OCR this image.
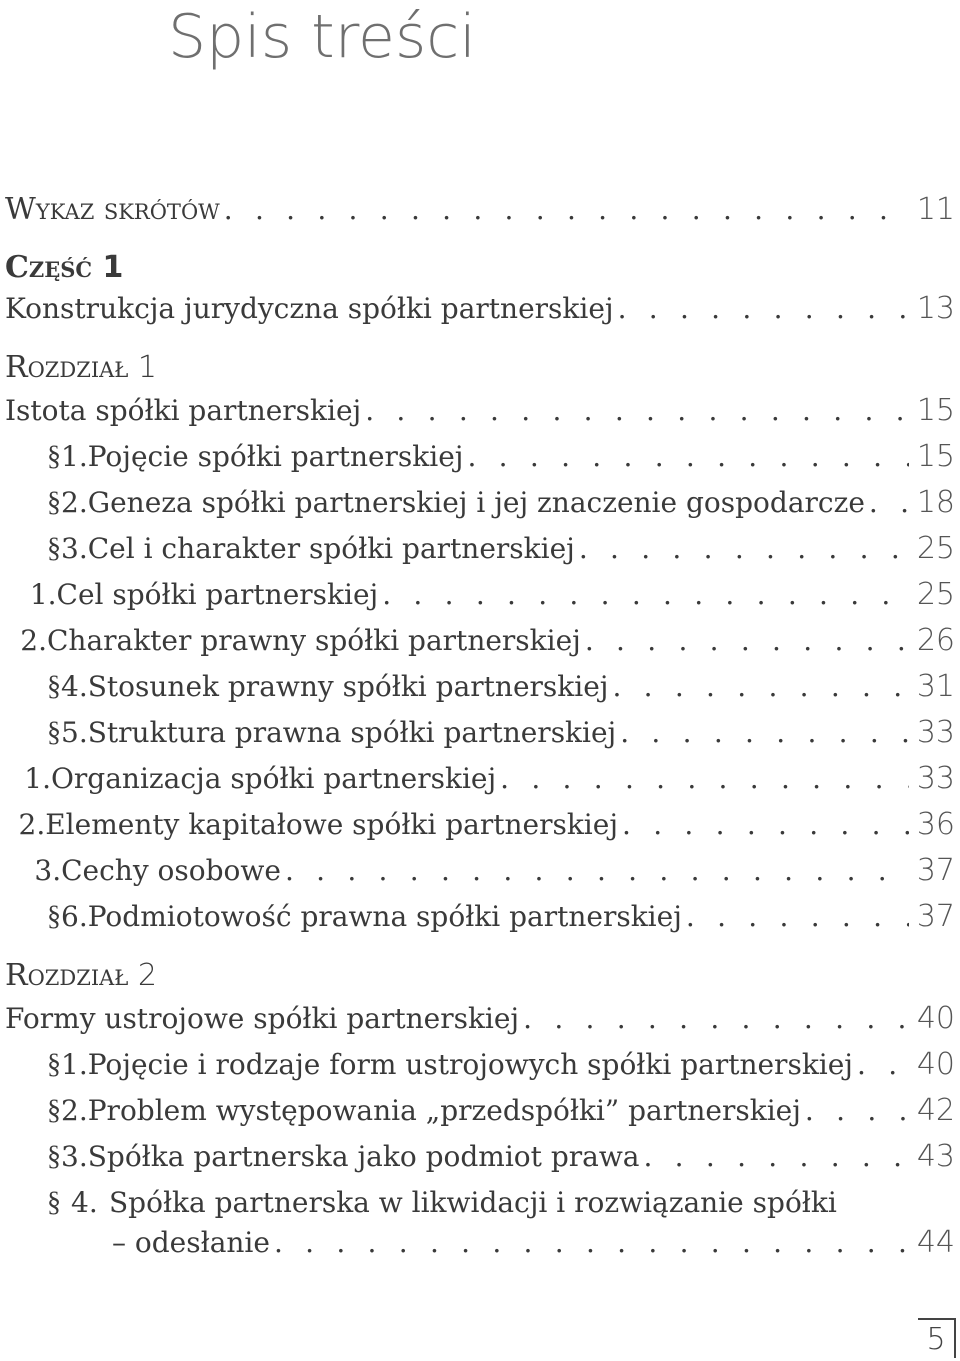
Spis treści
Wykaz skrótów . . .	11
Część 1
Konstrukcja jurydyczna spółki partnerskiej . . .	13
Rozdział 1
Istota spółki partnerskiej . . .	15
§ 1. Pojęcie spółki partnerskiej . . .	15
§ 2. Geneza spółki partnerskiej i jej znaczenie gospodarcze . . . 18
§ 3. Cel i charakter spółki partnerskiej . . .	25
1. Cel spółki partnerskiej . . .	25
2. Charakter prawny spółki partnerskiej . . .	26
§ 4. Stosunek prawny spółki partnerskiej . . .	31
§ 5. Struktura prawna spółki partnerskiej . . .	33
1. Organizacja spółki partnerskiej . . .	33
2. Elementy kapitałowe spółki partnerskiej . . .	36
3. Cechy osobowe . . .	37
§ 6. Podmiotowość prawna spółki partnerskiej . . .	37
Rozdział 2
Formy ustrojowe spółki partnerskiej . . .	40
§ 1. Pojęcie i rodzaje form ustrojowych spółki partnerskiej . . . 40
§ 2. Problem występowania „przedspółki” partnerskiej . . .	42
§ 3. Spółka partnerska jako podmiot prawa . . .	43
§ 4. Spółka partnerska w likwidacji i rozwiązanie spółki
– odesłanie . . .	44
5
